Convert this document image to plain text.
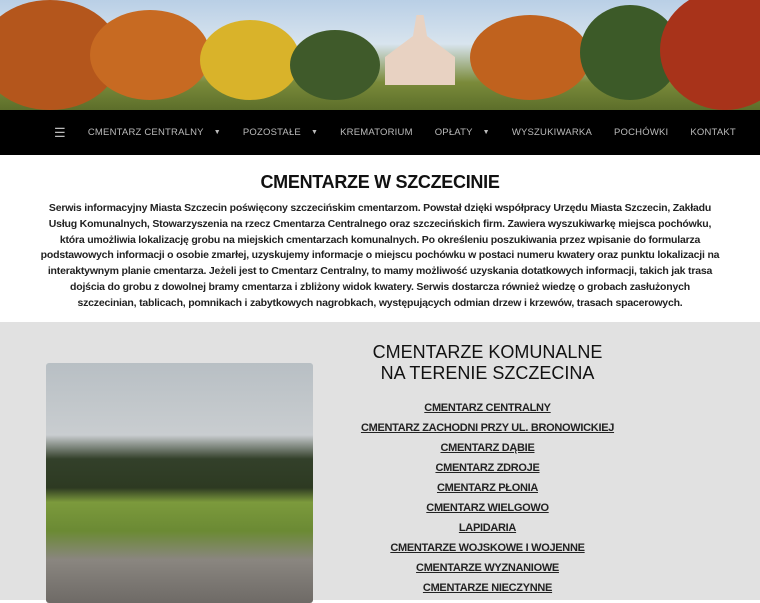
☰ CMENTARZ CENTRALNY ▼ POZOSTAŁE ▼ KREMATORIUM OPŁATY ▼ WYSZUKIWARKA POCHÓWKI KONTAKT
CMENTARZE W SZCZECINIE

Serwis informacyjny Miasta Szczecin poświęcony szczecińskim cmentarzom. Powstał dzięki współpracy Urzędu Miasta Szczecin, Zakładu Usług Komunalnych, Stowarzyszenia na rzecz Cmentarza Centralnego oraz szczecińskich firm. Zawiera wyszukiwarkę miejsca pochówku, która umożliwia lokalizację grobu na miejskich cmentarzach komunalnych. Po określeniu poszukiwania przez wpisanie do formularza podstawowych informacji o osobie zmarłej, uzyskujemy informacje o miejscu pochówku w postaci numeru kwatery oraz punktu lokalizacji na interaktywnym planie cmentarza. Jeżeli jest to Cmentarz Centralny, to mamy możliwość uzyskania dotatkowych informacji, takich jak trasa dojścia do grobu z dowolnej bramy cmentarza i zbliżony widok kwatery. Serwis dostarcza również wiedzę o grobach zasłużonych szczecinian, tablicach, pomnikach i zabytkowych nagrobkach, występujących odmian drzew i krzewów, trasach spacerowych.

CMENTARZE KOMUNALNE
NA TERENIE SZCZECINA
CMENTARZ CENTRALNY
CMENTARZ ZACHODNI PRZY UL. BRONOWICKIEJ
CMENTARZ DĄBIE
CMENTARZ ZDROJE
CMENTARZ PŁONIA
CMENTARZ WIELGOWO
LAPIDARIA
CMENTARZE WOJSKOWE I WOJENNE
CMENTARZE WYZNANIOWE
CMENTARZE NIECZYNNE
